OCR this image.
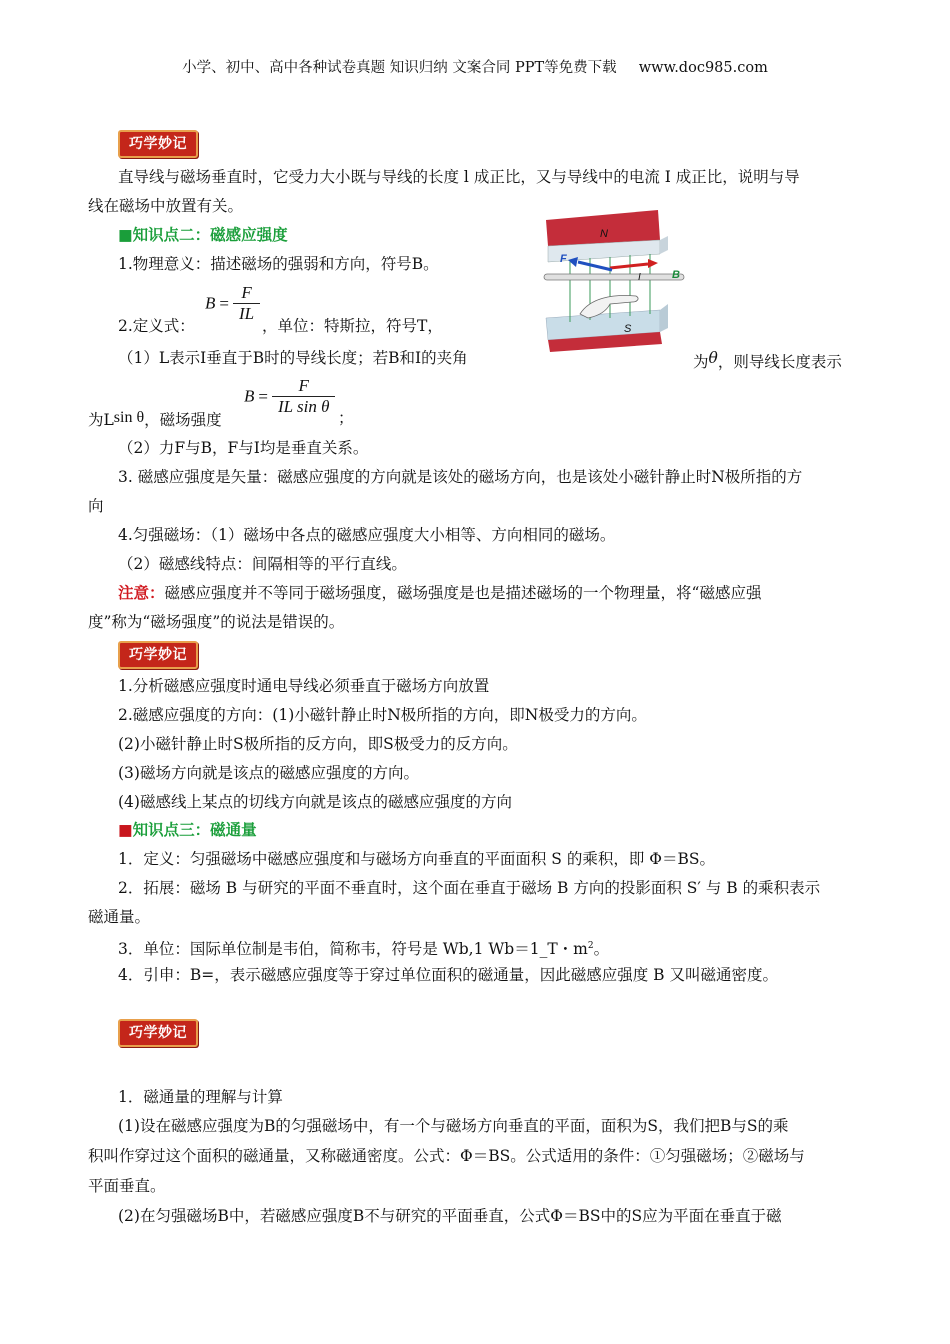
小学、初中、高中各种试卷真题 知识归纳 文案合同 PPT等免费下载 www.doc985.com
巧学妙记
直导线与磁场垂直时，它受力大小既与导线的长度 l 成正比，又与导线中的电流 I 成正比，说明与导
线在磁场中放置有关。
■知识点二：磁感应强度
1.物理意义：描述磁场的强弱和方向，符号B。
$B = \frac{F}{IL}$
2.定义式：	，单位：特斯拉，符号T，
（1）L表示Ⅰ垂直于B时的导线长度；若B和Ⅰ的夹角	为θ，则导线长度表示
$B = \frac{F}{\text{IL sin θ}}$
为Lsin θ，磁场强度	；
（2）力F与B，F与Ⅰ均是垂直关系。
3. 磁感应强度是矢量：磁感应强度的方向就是该处的磁场方向，也是该处小磁针静止时N极所指的方
向
4.匀强磁场：（1）磁场中各点的磁感应强度大小相等、方向相同的磁场。
（2）磁感线特点：间隔相等的平行直线。
注意：磁感应强度并不等同于磁场强度，磁场强度是也是描述磁场的一个物理量，将“磁感应强
度”称为“磁场强度”的说法是错误的。
N
S
F
I	B
巧学妙记
1.分析磁感应强度时通电导线必须垂直于磁场方向放置
2.磁感应强度的方向：(1)小磁针静止时N极所指的方向，即N极受力的方向。
(2)小磁针静止时S极所指的反方向，即S极受力的反方向。
(3)磁场方向就是该点的磁感应强度的方向。
(4)磁感线上某点的切线方向就是该点的磁感应强度的方向
■知识点三：磁通量
1．定义：匀强磁场中磁感应强度和与磁场方向垂直的平面面积 S 的乘积，即 Φ＝BS。
2．拓展：磁场 B 与研究的平面不垂直时，这个面在垂直于磁场 B 方向的投影面积 S′ 与 B 的乘积表示
磁通量。
3．单位：国际单位制是韦伯，简称韦，符号是 Wb,1 Wb＝1_T・$m^2$。
4．引申：B=，表示磁感应强度等于穿过单位面积的磁通量，因此磁感应强度 B 又叫磁通密度。
巧学妙记
1．磁通量的理解与计算
(1)设在磁感应强度为B的匀强磁场中，有一个与磁场方向垂直的平面，面积为S，我们把B与S的乘
积叫作穿过这个面积的磁通量，又称磁通密度。公式：Φ＝BS。公式适用的条件：①匀强磁场；②磁场与
平面垂直。
(2)在匀强磁场B中，若磁感应强度B不与研究的平面垂直，公式Φ＝BS中的S应为平面在垂直于磁
